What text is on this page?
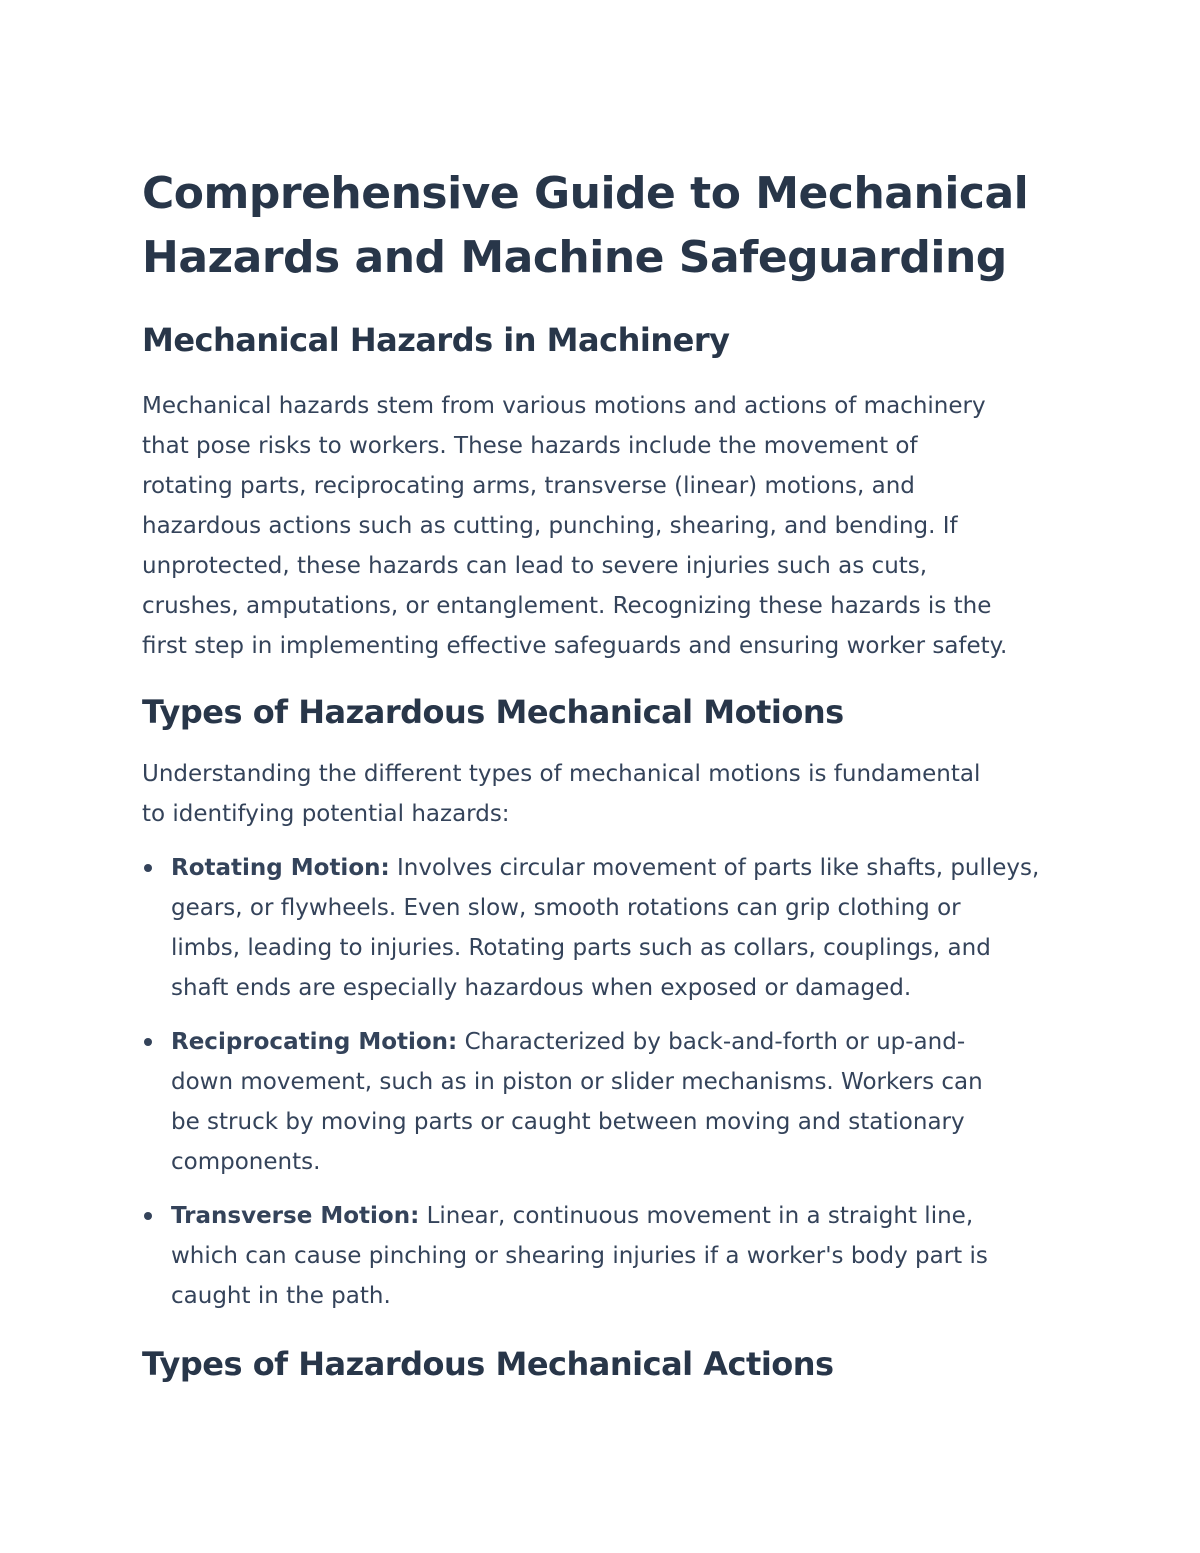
Comprehensive Guide to Mechanical
Hazards and Machine Safeguarding
Mechanical Hazards in Machinery

Mechanical hazards stem from various motions and actions of machinery
that pose risks to workers. These hazards include the movement of
rotating parts, reciprocating arms, transverse (linear) motions, and
hazardous actions such as cutting, punching, shearing, and bending. If
unprotected, these hazards can lead to severe injuries such as cuts,
crushes, amputations, or entanglement. Recognizing these hazards is the
first step in implementing effective safeguards and ensuring worker safety.

Types of Hazardous Mechanical Motions

Understanding the different types of mechanical motions is fundamental
to identifying potential hazards:

Rotating Motion: Involves circular movement of parts like shafts, pulleys,
gears, or flywheels. Even slow, smooth rotations can grip clothing or
limbs, leading to injuries. Rotating parts such as collars, couplings, and
shaft ends are especially hazardous when exposed or damaged.
Reciprocating Motion: Characterized by back-and-forth or up-and-
down movement, such as in piston or slider mechanisms. Workers can
be struck by moving parts or caught between moving and stationary
components.
Transverse Motion: Linear, continuous movement in a straight line,
which can cause pinching or shearing injuries if a worker's body part is
caught in the path.
Types of Hazardous Mechanical Actions
